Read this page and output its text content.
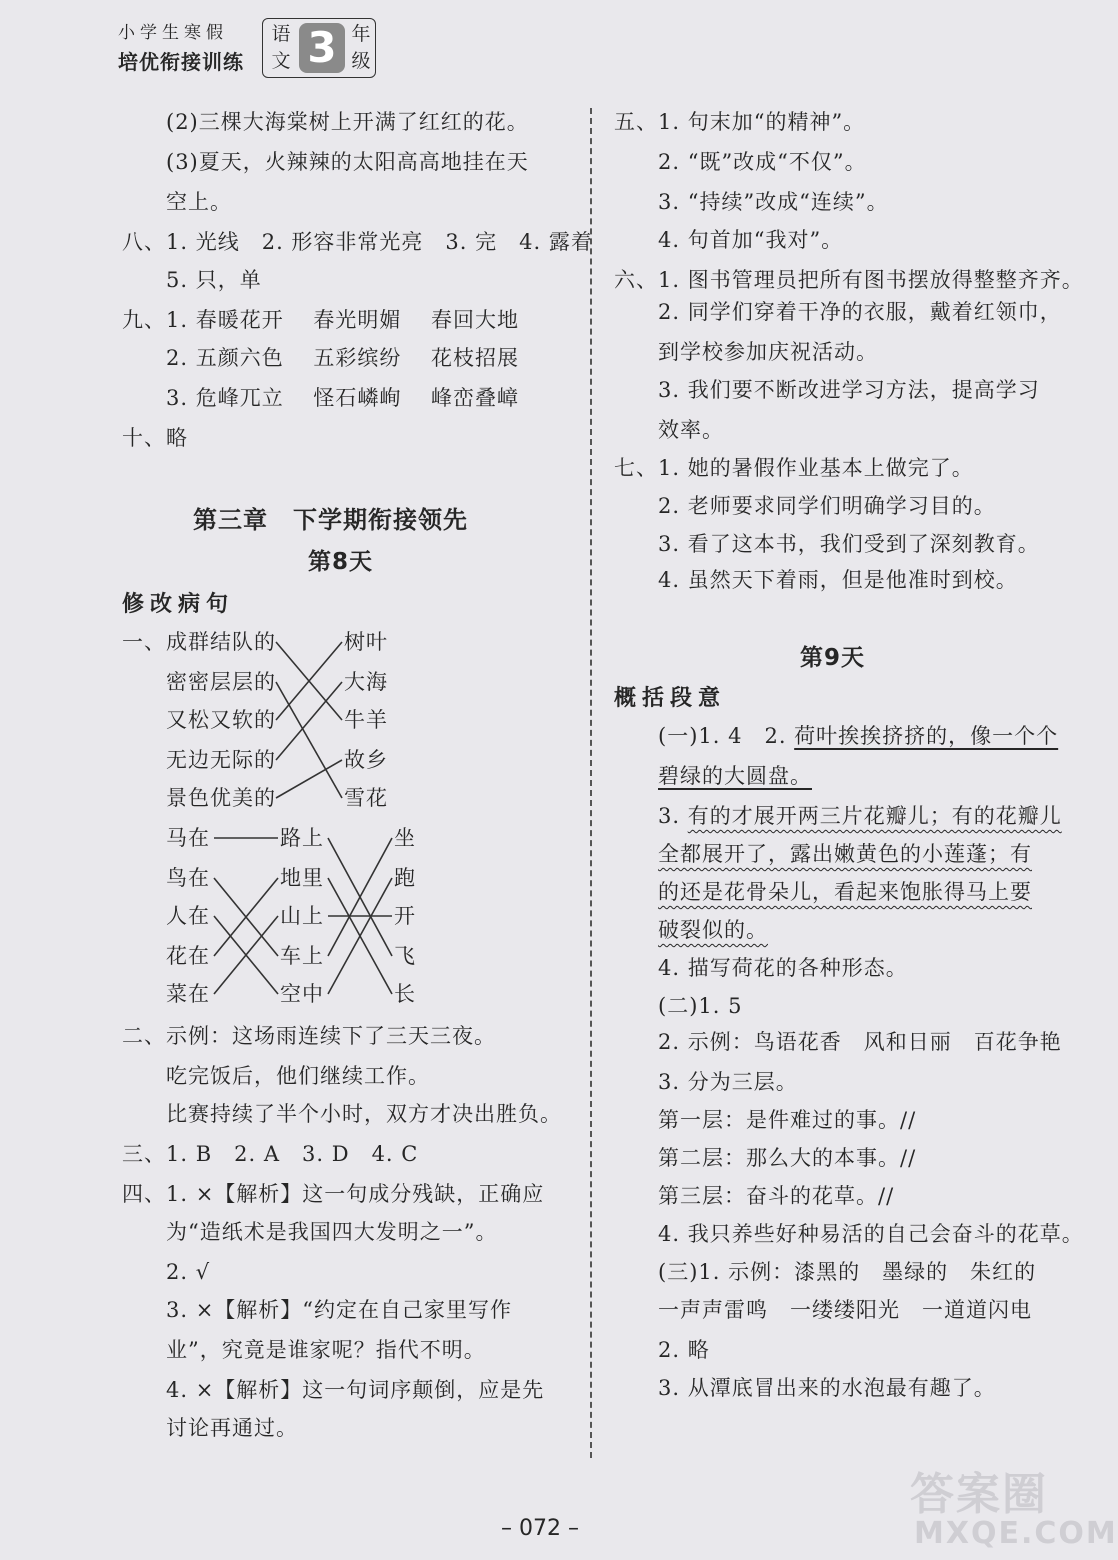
小学生寒假
培优衔接训练
语文 3 年级
(2)三棵大海棠树上开满了红红的花。
(3)夏天，火辣辣的太阳高高地挂在天
空上。
八、1. 光线　2. 形容非常光亮　3. 完　4. 露着
5. 只，单
九、1. 春暖花开　 春光明媚　 春回大地
2. 五颜六色　 五彩缤纷　 花枝招展
3. 危峰兀立　 怪石嶙峋　 峰峦叠嶂
十、略
第三章　下学期衔接领先
第8天
修改病句
一、成群结队的
密密层层的
又松又软的
无边无际的
景色优美的
树叶
大海
牛羊
故乡
雪花
马在
鸟在
人在
花在
菜在
路上
地里
山上
车上
空中
坐
跑
开
飞
长
二、示例：这场雨连续下了三天三夜。
吃完饭后，他们继续工作。
比赛持续了半个小时，双方才决出胜负。
三、1. B　2. A　3. D　4. C
四、1. ×【解析】这一句成分残缺，正确应
为“造纸术是我国四大发明之一”。
2. √
3. ×【解析】“约定在自己家里写作
业”，究竟是谁家呢？指代不明。
4. ×【解析】这一句词序颠倒，应是先
讨论再通过。
五、1. 句末加“的精神”。
2. “既”改成“不仅”。
3. “持续”改成“连续”。
4. 句首加“我对”。
六、1. 图书管理员把所有图书摆放得整整齐齐。
2. 同学们穿着干净的衣服，戴着红领巾，
到学校参加庆祝活动。
3. 我们要不断改进学习方法，提高学习
效率。
七、1. 她的暑假作业基本上做完了。
2. 老师要求同学们明确学习目的。
3. 看了这本书，我们受到了深刻教育。
4. 虽然天下着雨，但是他准时到校。
第9天
概括段意
(一)1. 4　2. 荷叶挨挨挤挤的，像一个个
碧绿的大圆盘。
3. 有的才展开两三片花瓣儿；有的花瓣儿
全都展开了，露出嫩黄色的小莲蓬；有
的还是花骨朵儿，看起来饱胀得马上要
破裂似的。
4. 描写荷花的各种形态。
(二)1. 5
2. 示例：鸟语花香　风和日丽　百花争艳
3. 分为三层。
第一层：是件难过的事。//
第二层：那么大的本事。//
第三层：奋斗的花草。//
4. 我只养些好种易活的自己会奋斗的花草。
(三)1. 示例：漆黑的　墨绿的　朱红的
一声声雷鸣　一缕缕阳光　一道道闪电
2. 略
3. 从潭底冒出来的水泡最有趣了。
– 072 –
答案圈
MXQE.COM
